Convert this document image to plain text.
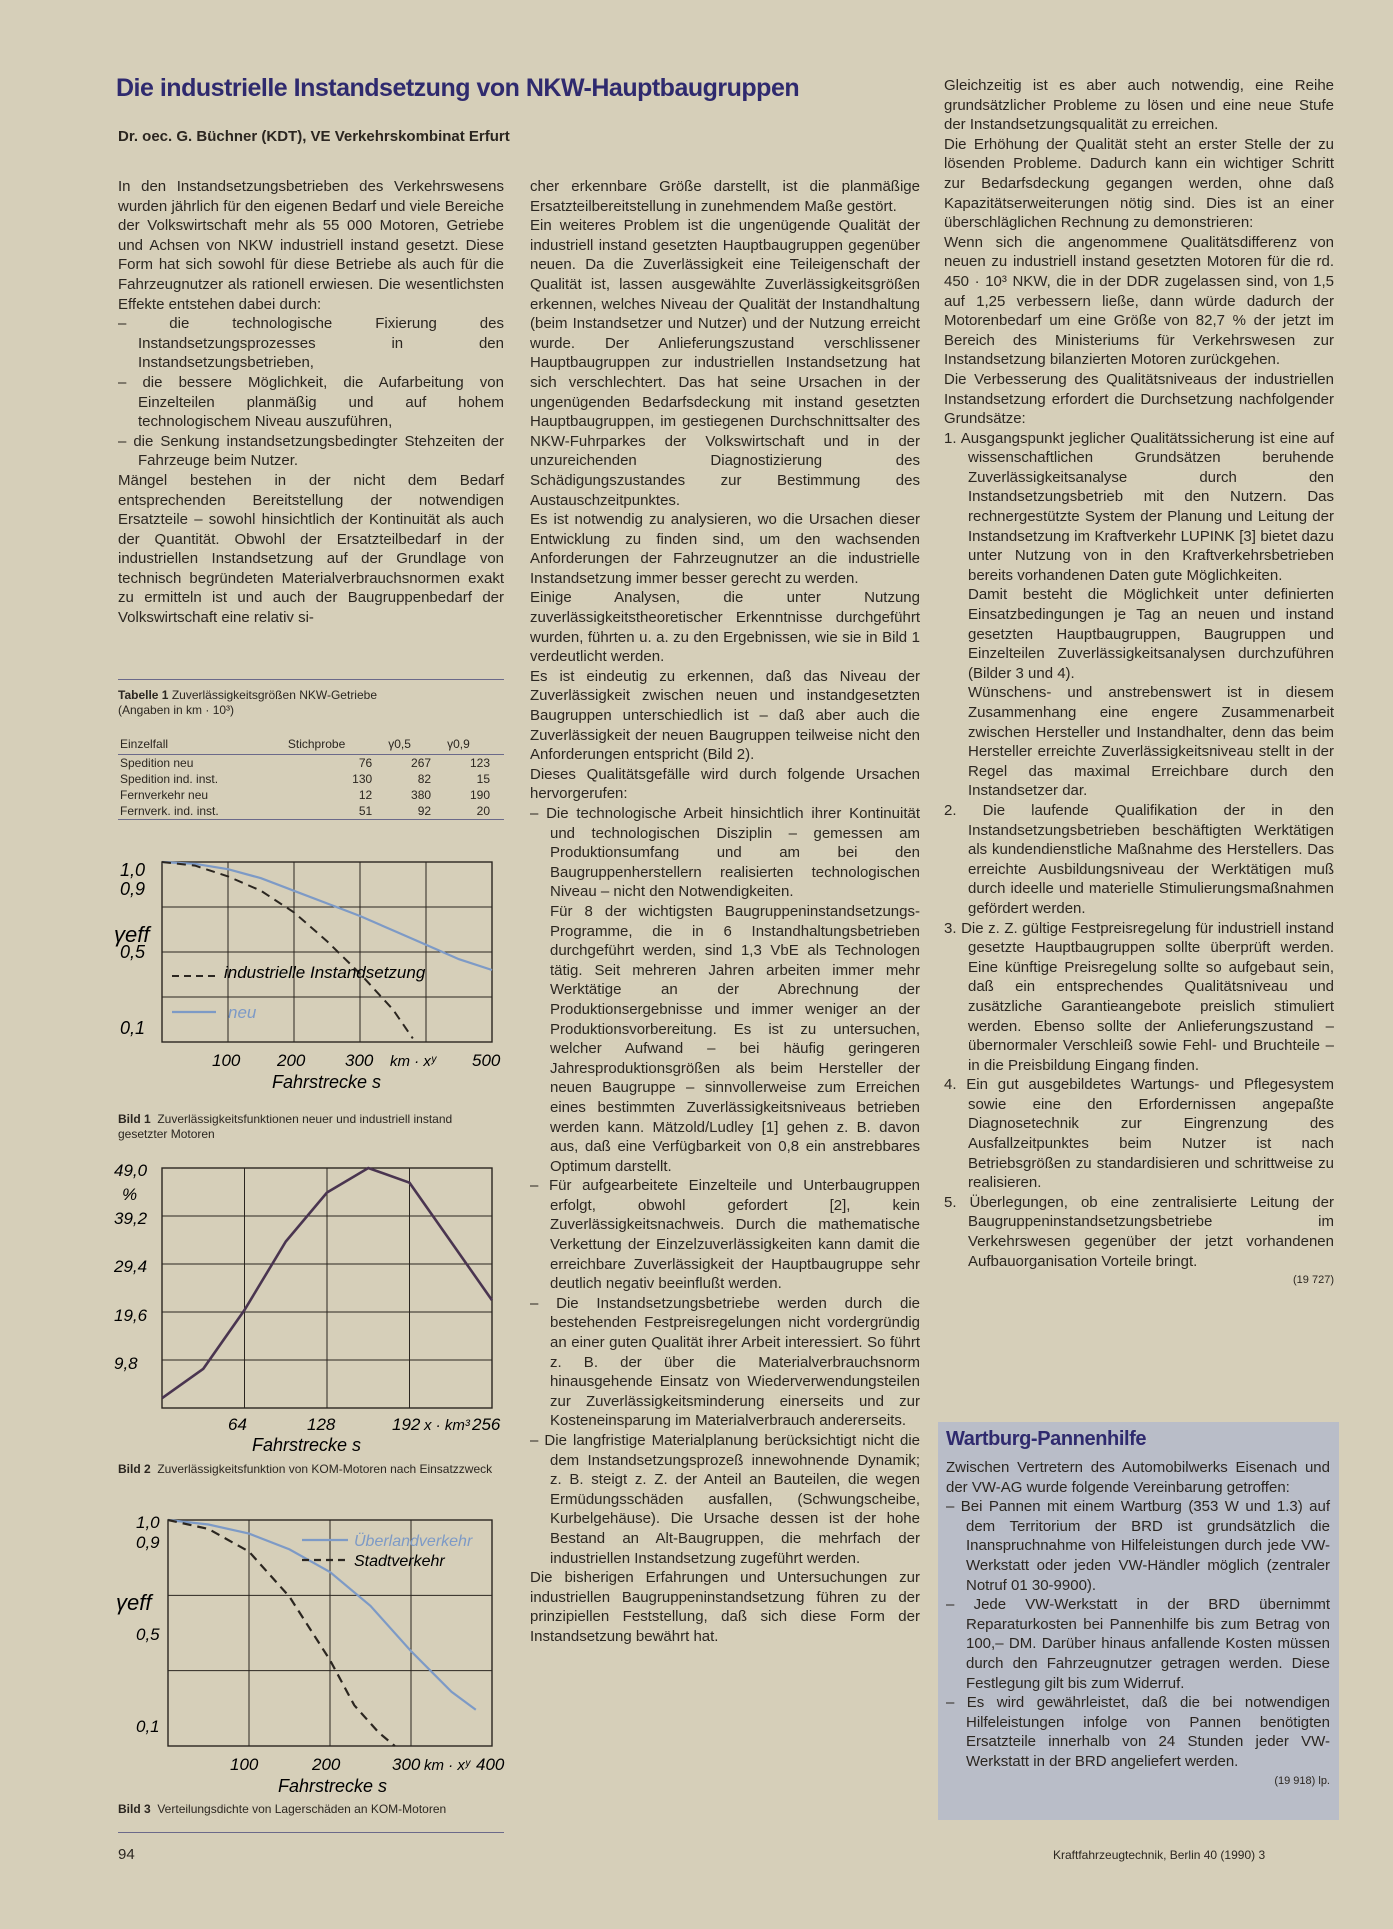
Die industrielle Instandsetzung von NKW-Hauptbaugruppen
Dr. oec. G. Büchner (KDT), VE Verkehrskombinat Erfurt

In den Instandsetzungsbetrieben des Verkehrswesens wurden jährlich für den eigenen Bedarf und viele Bereiche der Volkswirtschaft mehr als 55 000 Motoren, Getriebe und Achsen von NKW industriell instand gesetzt. Diese Form hat sich sowohl für diese Betriebe als auch für die Fahrzeugnutzer als rationell erwiesen. Die wesentlichsten Effekte entstehen dabei durch:

– die technologische Fixierung des Instandsetzungsprozesses in den Instandsetzungsbetrieben,
– die bessere Möglichkeit, die Aufarbeitung von Einzelteilen planmäßig und auf hohem technologischem Niveau auszuführen,
– die Senkung instandsetzungsbedingter Stehzeiten der Fahrzeuge beim Nutzer.

Mängel bestehen in der nicht dem Bedarf entsprechenden Bereitstellung der notwendigen Ersatzteile – sowohl hinsichtlich der Kontinuität als auch der Quantität. Obwohl der Ersatzteilbedarf in der industriellen Instandsetzung auf der Grundlage von technisch begründeten Materialverbrauchsnormen exakt zu ermitteln ist und auch der Baugruppenbedarf der Volkswirtschaft eine relativ si-

Tabelle 1 Zuverlässigkeitsgrößen NKW-Getriebe
(Angaben in km · 10³)
Einzelfall	Stichprobe	γ0,5	γ0,9
Spedition neu	76	267	123
Spedition ind. inst.	130	82	15
Fernverkehr neu	12	380	190
Fernverk. ind. inst.	51	92	20
1,0
0,9
0,5
0,1
γeff
100 200 300 km · xʸ 500
Fahrstrecke s
industrielle Instandsetzung
neu
Bild 1 Zuverlässigkeitsfunktionen neuer und industriell instand gesetzter Motoren
49,0
%
39,2
29,4
19,6
9,8
64	128	192 x · km³ 256
Fahrstrecke s
Bild 2 Zuverlässigkeitsfunktion von KOM-Motoren nach Einsatzzweck
1,0
0,9
0,5
0,1
γeff
100	200	300 km · xʸ 400
Fahrstrecke s
Überlandverkehr
Stadtverkehr
Bild 3 Verteilungsdichte von Lagerschäden an KOM-Motoren

cher erkennbare Größe darstellt, ist die planmäßige Ersatzteilbereitstellung in zunehmendem Maße gestört.

Ein weiteres Problem ist die ungenügende Qualität der industriell instand gesetzten Hauptbaugruppen gegenüber neuen. Da die Zuverlässigkeit eine Teileigenschaft der Qualität ist, lassen ausgewählte Zuverlässigkeitsgrößen erkennen, welches Niveau der Qualität der Instandhaltung (beim Instandsetzer und Nutzer) und der Nutzung erreicht wurde. Der Anlieferungszustand verschlissener Hauptbaugruppen zur industriellen Instandsetzung hat sich verschlechtert. Das hat seine Ursachen in der ungenügenden Bedarfsdeckung mit instand gesetzten Hauptbaugruppen, im gestiegenen Durchschnittsalter des NKW-Fuhrparkes der Volkswirtschaft und in der unzureichenden Diagnostizierung des Schädigungszustandes zur Bestimmung des Austauschzeitpunktes.

Es ist notwendig zu analysieren, wo die Ursachen dieser Entwicklung zu finden sind, um den wachsenden Anforderungen der Fahrzeugnutzer an die industrielle Instandsetzung immer besser gerecht zu werden.

Einige Analysen, die unter Nutzung zuverlässigkeitstheoretischer Erkenntnisse durchgeführt wurden, führten u. a. zu den Ergebnissen, wie sie in Bild 1 verdeutlicht werden.

Es ist eindeutig zu erkennen, daß das Niveau der Zuverlässigkeit zwischen neuen und instandgesetzten Baugruppen unterschiedlich ist – daß aber auch die Zuverlässigkeit der neuen Baugruppen teilweise nicht den Anforderungen entspricht (Bild 2).

Dieses Qualitätsgefälle wird durch folgende Ursachen hervorgerufen:

– Die technologische Arbeit hinsichtlich ihrer Kontinuität und technologischen Disziplin – gemessen am Produktionsumfang und am bei den Baugruppenherstellern realisierten technologischen Niveau – nicht den Notwendigkeiten.

Für 8 der wichtigsten Baugruppeninstandsetzungs-Programme, die in 6 Instandhaltungsbetrieben durchgeführt werden, sind 1,3 VbE als Technologen tätig. Seit mehreren Jahren arbeiten immer mehr Werktätige an der Abrechnung der Produktionsergebnisse und immer weniger an der Produktionsvorbereitung. Es ist zu untersuchen, welcher Aufwand – bei häufig geringeren Jahresproduktionsgrößen als beim Hersteller der neuen Baugruppe – sinnvollerweise zum Erreichen eines bestimmten Zuverlässigkeitsniveaus betrieben werden kann. Mätzold/Ludley [1] gehen z. B. davon aus, daß eine Verfügbarkeit von 0,8 ein anstrebbares Optimum darstellt.

– Für aufgearbeitete Einzelteile und Unterbaugruppen erfolgt, obwohl gefordert [2], kein Zuverlässigkeitsnachweis. Durch die mathematische Verkettung der Einzelzuverlässigkeiten kann damit die erreichbare Zuverlässigkeit der Hauptbaugruppe sehr deutlich negativ beeinflußt werden.
– Die Instandsetzungsbetriebe werden durch die bestehenden Festpreisregelungen nicht vordergründig an einer guten Qualität ihrer Arbeit interessiert. So führt z. B. der über die Materialverbrauchsnorm hinausgehende Einsatz von Wiederverwendungsteilen zur Zuverlässigkeitsminderung einerseits und zur Kosteneinsparung im Materialverbrauch andererseits.
– Die langfristige Materialplanung berücksichtigt nicht die dem Instandsetzungsprozeß innewohnende Dynamik; z. B. steigt z. Z. der Anteil an Bauteilen, die wegen Ermüdungsschäden ausfallen, (Schwungscheibe, Kurbelgehäuse). Die Ursache dessen ist der hohe Bestand an Alt-Baugruppen, die mehrfach der industriellen Instandsetzung zugeführt werden.

Die bisherigen Erfahrungen und Untersuchungen zur industriellen Baugruppeninstandsetzung führen zu der prinzipiellen Feststellung, daß sich diese Form der Instandsetzung bewährt hat.

Gleichzeitig ist es aber auch notwendig, eine Reihe grundsätzlicher Probleme zu lösen und eine neue Stufe der Instandsetzungsqualität zu erreichen.

Die Erhöhung der Qualität steht an erster Stelle der zu lösenden Probleme. Dadurch kann ein wichtiger Schritt zur Bedarfsdeckung gegangen werden, ohne daß Kapazitätserweiterungen nötig sind. Dies ist an einer überschläglichen Rechnung zu demonstrieren:

Wenn sich die angenommene Qualitätsdifferenz von neuen zu industriell instand gesetzten Motoren für die rd. 450 · 10³ NKW, die in der DDR zugelassen sind, von 1,5 auf 1,25 verbessern ließe, dann würde dadurch der Motorenbedarf um eine Größe von 82,7 % der jetzt im Bereich des Ministeriums für Verkehrswesen zur Instandsetzung bilanzierten Motoren zurückgehen.

Die Verbesserung des Qualitätsniveaus der industriellen Instandsetzung erfordert die Durchsetzung nachfolgender Grundsätze:

1. Ausgangspunkt jeglicher Qualitätssicherung ist eine auf wissenschaftlichen Grundsätzen beruhende Zuverlässigkeitsanalyse durch den Instandsetzungsbetrieb mit den Nutzern. Das rechnergestützte System der Planung und Leitung der Instandsetzung im Kraftverkehr LUPINK [3] bietet dazu unter Nutzung von in den Kraftverkehrsbetrieben bereits vorhandenen Daten gute Möglichkeiten.

Damit besteht die Möglichkeit unter definierten Einsatzbedingungen je Tag an neuen und instand gesetzten Hauptbaugruppen, Baugruppen und Einzelteilen Zuverlässigkeitsanalysen durchzuführen (Bilder 3 und 4).

Wünschens- und anstrebenswert ist in diesem Zusammenhang eine engere Zusammenarbeit zwischen Hersteller und Instandhalter, denn das beim Hersteller erreichte Zuverlässigkeitsniveau stellt in der Regel das maximal Erreichbare durch den Instandsetzer dar.

2. Die laufende Qualifikation der in den Instandsetzungsbetrieben beschäftigten Werktätigen als kundendienstliche Maßnahme des Herstellers. Das erreichte Ausbildungsniveau der Werktätigen muß durch ideelle und materielle Stimulierungsmaßnahmen gefördert werden.
3. Die z. Z. gültige Festpreisregelung für industriell instand gesetzte Hauptbaugruppen sollte überprüft werden. Eine künftige Preisregelung sollte so aufgebaut sein, daß ein entsprechendes Qualitätsniveau und zusätzliche Garantieangebote preislich stimuliert werden. Ebenso sollte der Anlieferungszustand – übernormaler Verschleiß sowie Fehl- und Bruchteile – in die Preisbildung Eingang finden.
4. Ein gut ausgebildetes Wartungs- und Pflegesystem sowie eine den Erfordernissen angepaßte Diagnosetechnik zur Eingrenzung des Ausfallzeitpunktes beim Nutzer ist nach Betriebsgrößen zu standardisieren und schrittweise zu realisieren.
5. Überlegungen, ob eine zentralisierte Leitung der Baugruppeninstandsetzungsbetriebe im Verkehrswesen gegenüber der jetzt vorhandenen Aufbauorganisation Vorteile bringt.
(19 727)
Wartburg-Pannenhilfe

Zwischen Vertretern des Automobilwerks Eisenach und der VW-AG wurde folgende Vereinbarung getroffen:

– Bei Pannen mit einem Wartburg (353 W und 1.3) auf dem Territorium der BRD ist grundsätzlich die Inanspruchnahme von Hilfeleistungen durch jede VW-Werkstatt oder jeden VW-Händler möglich (zentraler Notruf 01 30-9900).
– Jede VW-Werkstatt in der BRD übernimmt Reparaturkosten bei Pannenhilfe bis zum Betrag von 100,– DM. Darüber hinaus anfallende Kosten müssen durch den Fahrzeugnutzer getragen werden. Diese Festlegung gilt bis zum Widerruf.
– Es wird gewährleistet, daß die bei notwendigen Hilfeleistungen infolge von Pannen benötigten Ersatzteile innerhalb von 24 Stunden jeder VW-Werkstatt in der BRD angeliefert werden.
(19 918) lp.
94	Kraftfahrzeugtechnik, Berlin 40 (1990) 3
